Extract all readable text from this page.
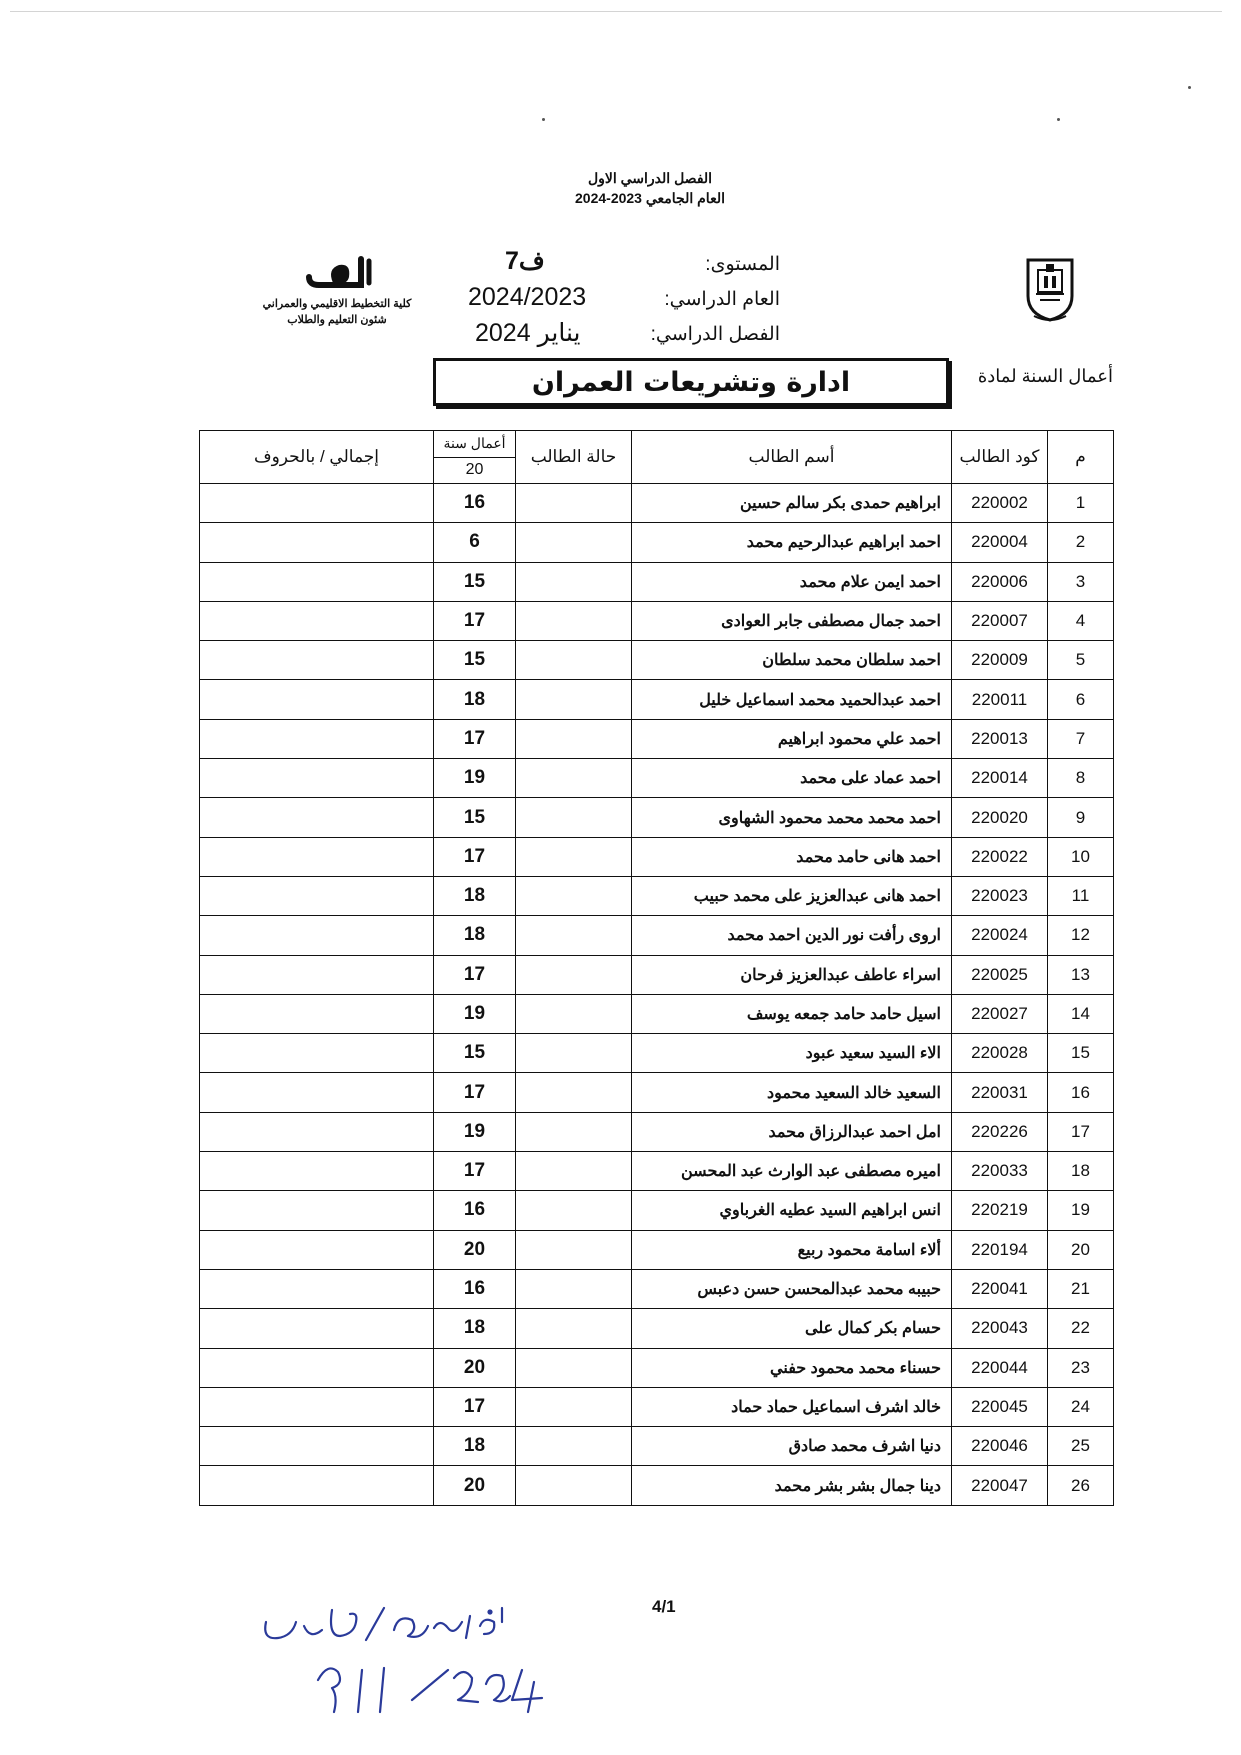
الفصل الدراسي الاول
العام الجامعي 2023-2024
كلية التخطيط الاقليمي والعمراني
شئون التعليم والطلاب
المستوى:
العام الدراسي:
الفصل الدراسي:
ف7
2024/2023
يناير 2024
أعمال السنة لمادة
ادارة وتشريعات العمران
م	كود الطالب	أسم الطالب	حالة الطالب	أعمال سنة
20	إجمالي / بالحروف
1	220002	ابراهيم حمدى بكر سالم حسين		16	
2	220004	احمد ابراهيم عبدالرحيم محمد		6	
3	220006	احمد ايمن علام محمد		15	
4	220007	احمد جمال مصطفى جابر العوادى		17	
5	220009	احمد سلطان محمد سلطان		15	
6	220011	احمد عبدالحميد محمد اسماعيل خليل		18	
7	220013	احمد علي محمود ابراهيم		17	
8	220014	احمد عماد على محمد		19	
9	220020	احمد محمد محمد محمود الشهاوى		15	
10	220022	احمد هانى حامد محمد		17	
11	220023	احمد هانى عبدالعزيز على محمد حبيب		18	
12	220024	اروى رأفت نور الدين احمد محمد		18	
13	220025	اسراء عاطف عبدالعزيز فرحان		17	
14	220027	اسيل حامد حامد جمعه يوسف		19	
15	220028	الاء السيد سعيد عبود		15	
16	220031	السعيد خالد السعيد محمود		17	
17	220226	امل احمد عبدالرزاق محمد		19	
18	220033	اميره مصطفى عبد الوارث عبد المحسن		17	
19	220219	انس ابراهيم السيد عطيه الغرباوي		16	
20	220194	ألاء اسامة محمود ربيع		20	
21	220041	حبيبه محمد عبدالمحسن حسن دعبس		16	
22	220043	حسام بكر كمال على		18	
23	220044	حسناء محمد محمود حفني		20	
24	220045	خالد اشرف اسماعيل حماد حماد		17	
25	220046	دنيا اشرف محمد صادق		18	
26	220047	دينا جمال بشر بشر محمد		20	
4/1
